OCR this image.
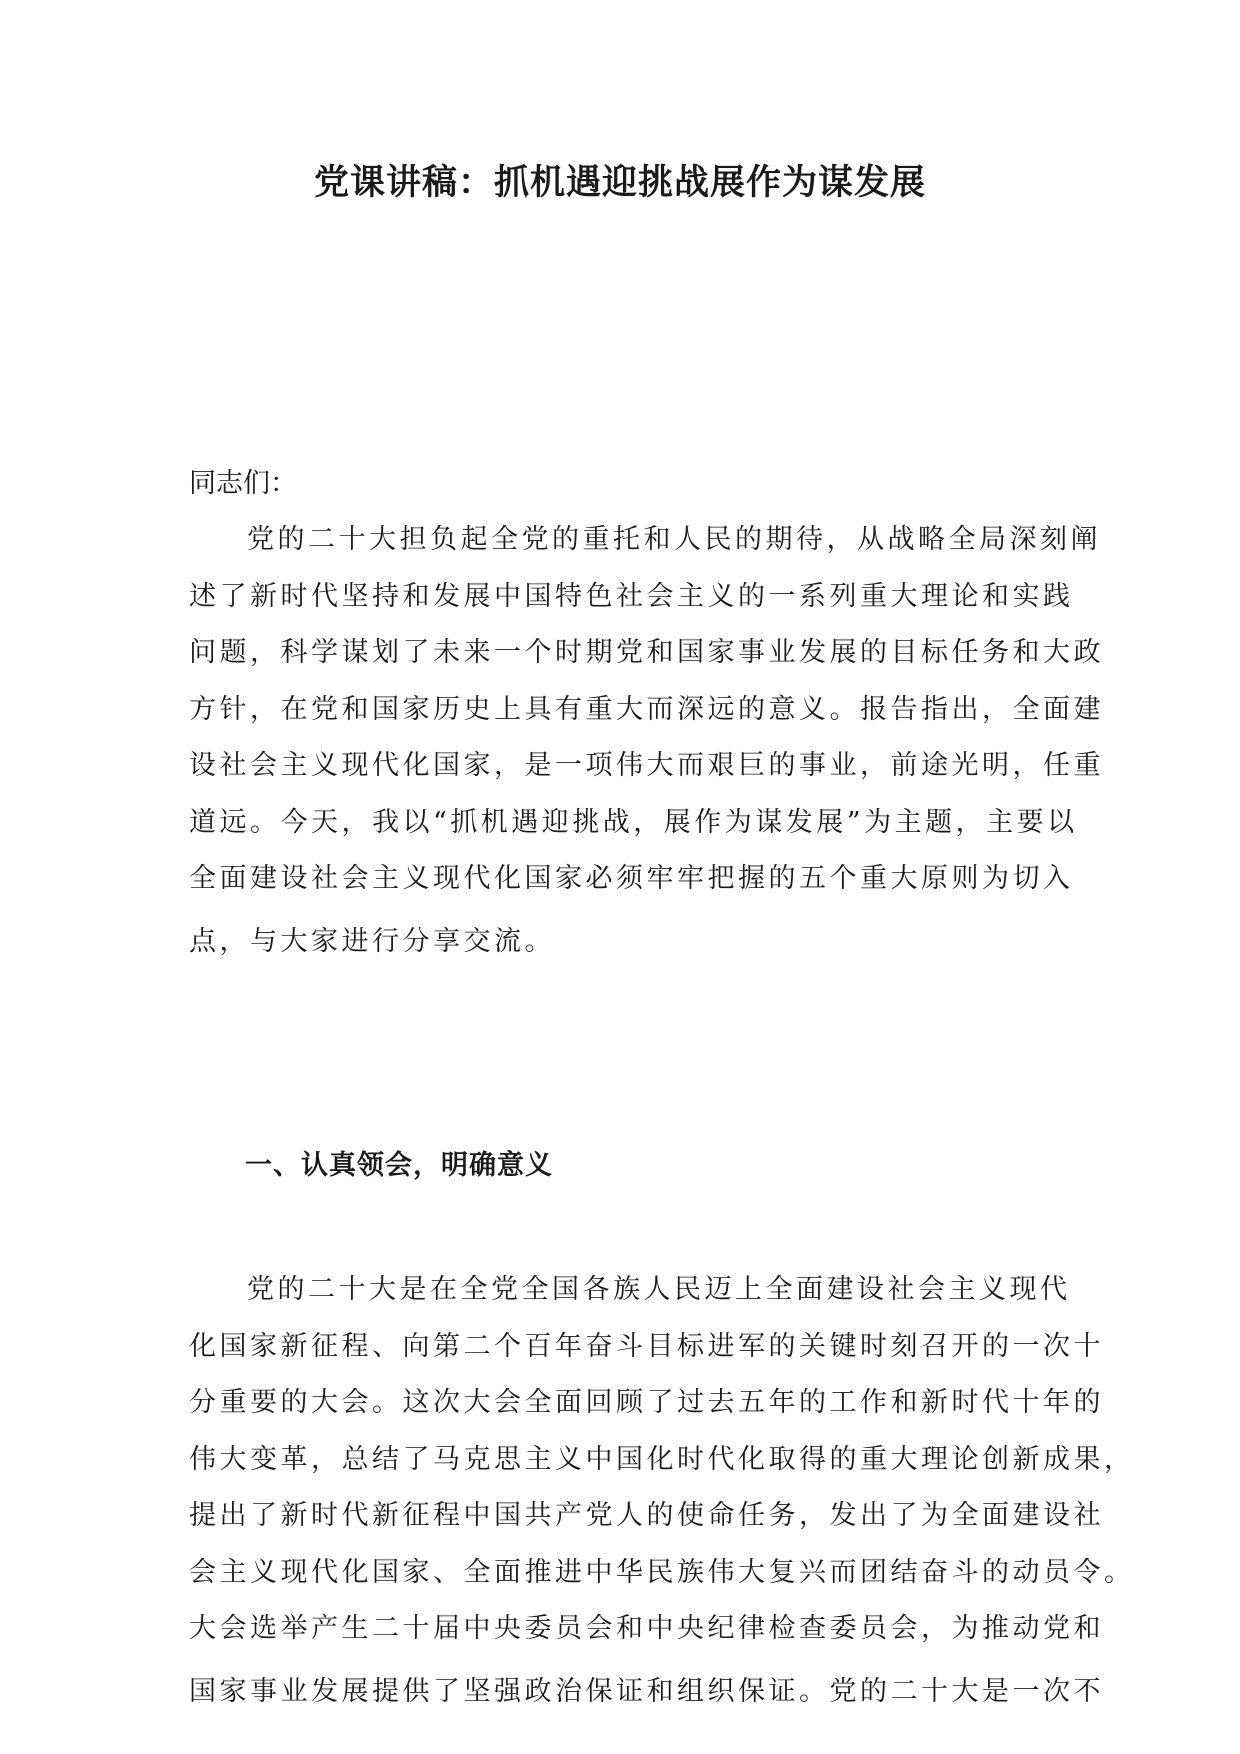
党课讲稿：抓机遇迎挑战展作为谋发展

同志们：

党的二十大担负起全党的重托和人民的期待，从战略全局深刻阐
述了新时代坚持和发展中国特色社会主义的一系列重大理论和实践
问题，科学谋划了未来一个时期党和国家事业发展的目标任务和大政
方针，在党和国家历史上具有重大而深远的意义。报告指出，全面建
设社会主义现代化国家，是一项伟大而艰巨的事业，前途光明，任重
道远。今天，我以“抓机遇迎挑战，展作为谋发展”为主题，主要以
全面建设社会主义现代化国家必须牢牢把握的五个重大原则为切入
点，与大家进行分享交流。
一、认真领会，明确意义
党的二十大是在全党全国各族人民迈上全面建设社会主义现代
化国家新征程、向第二个百年奋斗目标进军的关键时刻召开的一次十
分重要的大会。这次大会全面回顾了过去五年的工作和新时代十年的
伟大变革，总结了马克思主义中国化时代化取得的重大理论创新成果，
提出了新时代新征程中国共产党人的使命任务，发出了为全面建设社
会主义现代化国家、全面推进中华民族伟大复兴而团结奋斗的动员令。
大会选举产生二十届中央委员会和中央纪律检查委员会，为推动党和
国家事业发展提供了坚强政治保证和组织保证。党的二十大是一次不
